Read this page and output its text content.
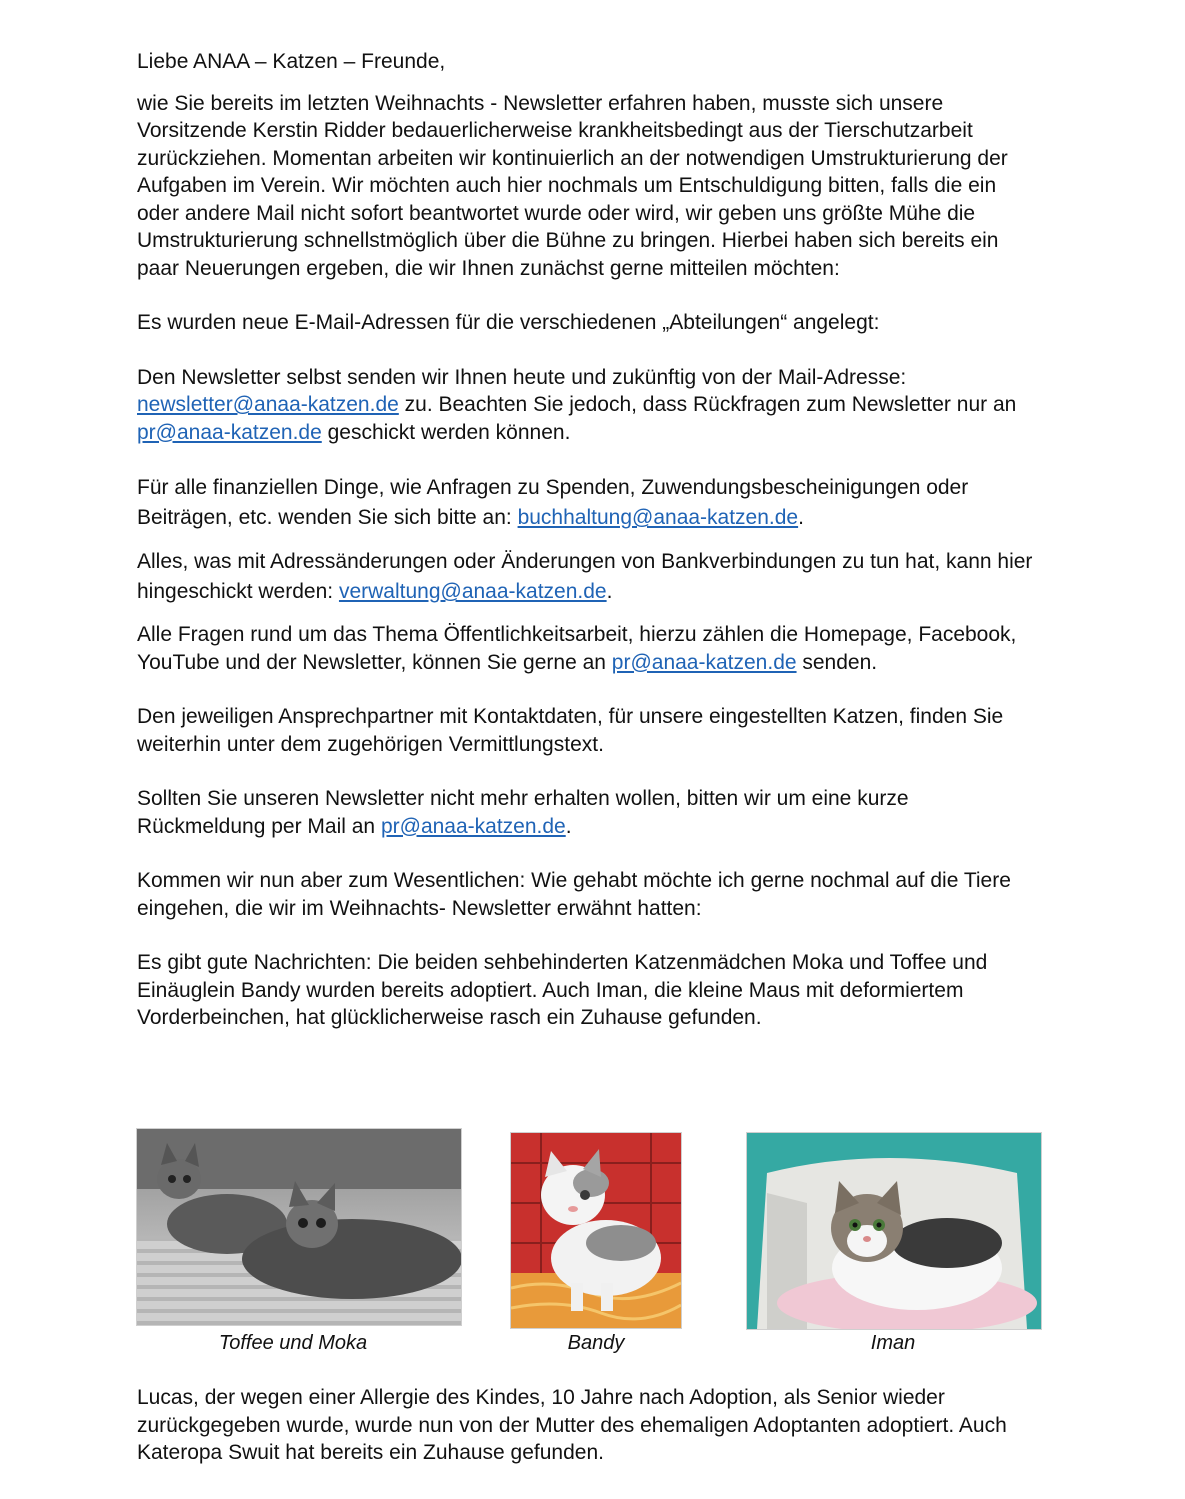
Liebe ANAA – Katzen – Freunde,

wie Sie bereits im letzten Weihnachts - Newsletter erfahren haben, musste sich unsere Vorsitzende Kerstin Ridder bedauerlicherweise krankheitsbedingt aus der Tierschutzarbeit zurückziehen. Momentan arbeiten wir kontinuierlich an der notwendigen Umstrukturierung der Aufgaben im Verein. Wir möchten auch hier nochmals um Entschuldigung bitten, falls die ein oder andere Mail nicht sofort beantwortet wurde oder wird, wir geben uns größte Mühe die Umstrukturierung schnellstmöglich über die Bühne zu bringen. Hierbei haben sich bereits ein paar Neuerungen ergeben, die wir Ihnen zunächst gerne mitteilen möchten:

Es wurden neue E-Mail-Adressen für die verschiedenen „Abteilungen“ angelegt:

Den Newsletter selbst senden wir Ihnen heute und zukünftig von der Mail-Adresse: newsletter@anaa-katzen.de zu. Beachten Sie jedoch, dass Rückfragen zum Newsletter nur an pr@anaa-katzen.de geschickt werden können.

Für alle finanziellen Dinge, wie Anfragen zu Spenden, Zuwendungsbescheinigungen oder Beiträgen, etc. wenden Sie sich bitte an: buchhaltung@anaa-katzen.de.

Alles, was mit Adressänderungen oder Änderungen von Bankverbindungen zu tun hat, kann hier hingeschickt werden: verwaltung@anaa-katzen.de.

Alle Fragen rund um das Thema Öffentlichkeitsarbeit, hierzu zählen die Homepage, Facebook, YouTube und der Newsletter, können Sie gerne an pr@anaa-katzen.de senden.

Den jeweiligen Ansprechpartner mit Kontaktdaten, für unsere eingestellten Katzen, finden Sie weiterhin unter dem zugehörigen Vermittlungstext.

Sollten Sie unseren Newsletter nicht mehr erhalten wollen, bitten wir um eine kurze Rückmeldung per Mail an pr@anaa-katzen.de.

Kommen wir nun aber zum Wesentlichen: Wie gehabt möchte ich gerne nochmal auf die Tiere eingehen, die wir im Weihnachts- Newsletter erwähnt hatten:

Es gibt gute Nachrichten: Die beiden sehbehinderten Katzenmädchen Moka und Toffee und Einäuglein Bandy wurden bereits adoptiert. Auch Iman, die kleine Maus mit deformiertem Vorderbeinchen, hat glücklicherweise rasch ein Zuhause gefunden.

Toffee und Moka	Bandy	Iman

Lucas, der wegen einer Allergie des Kindes, 10 Jahre nach Adoption, als Senior wieder zurückgegeben wurde, wurde nun von der Mutter des ehemaligen Adoptanten adoptiert. Auch Kateropa Swuit hat bereits ein Zuhause gefunden.
